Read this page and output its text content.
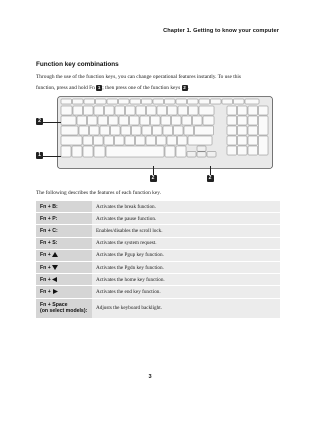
Chapter 1. Getting to know your computer
Function key combinations
Through the use of the function keys, you can change operational features instantly. To use this
function, press and hold Fn 1 ; then press one of the function keys 2 .
2
1
2	2
The following describes the features of each function key.
Fn + B:	Activates the break function.
Fn + P:	Activates the pause function.
Fn + C:	Enables/disables the scroll lock.
Fn + S:	Activates the system request.
Fn +	Activates the Pgup key function.
Fn +	Activates the Pgdn key function.
Fn +	Activates the home key function.
Fn +	Activates the end key function.
Fn + Space
(on select models):	Adjusts the keyboard backlight.
3
